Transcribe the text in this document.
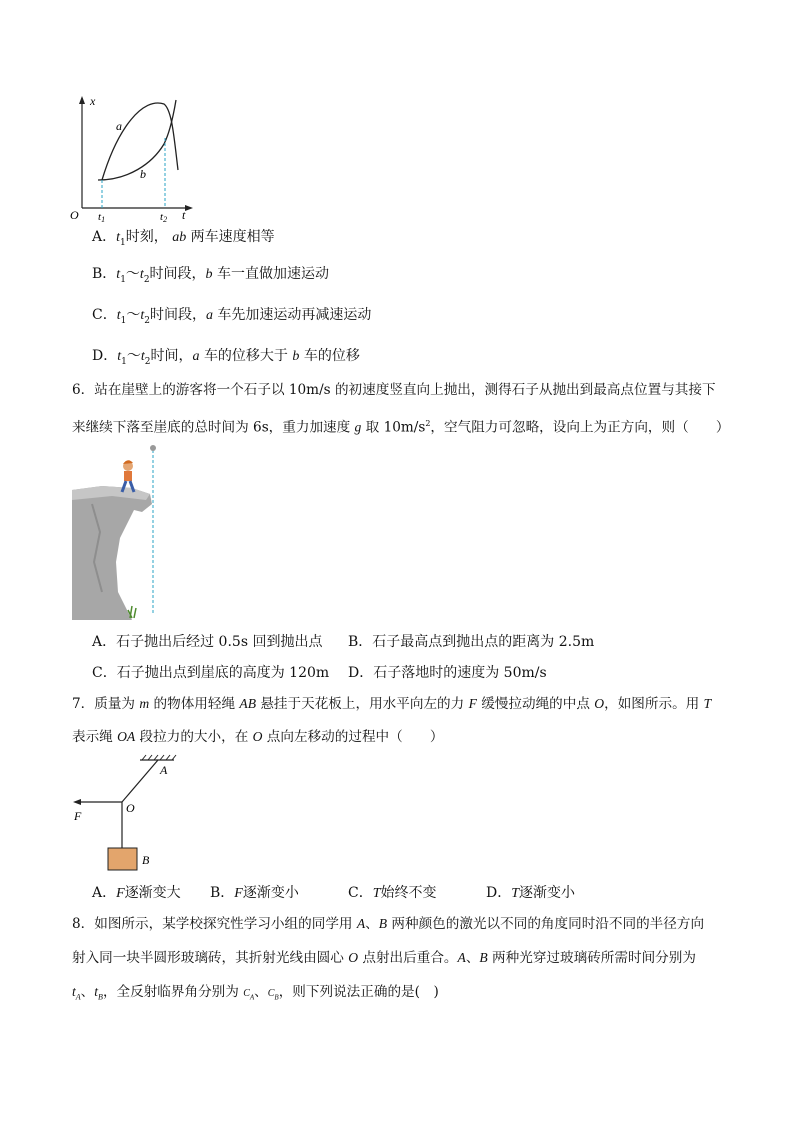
x
t
O
a
b
t1	t2
A．$t_1$时刻， ab 两车速度相等
B．$t_1\sim t_2$时间段，b 车一直做加速运动
C．$t_1\sim t_2$时间段，a 车先加速运动再减速运动
D．$t_1\sim t_2$时间，a 车的位移大于 b 车的位移
6．站在崖壁上的游客将一个石子以 10m/s 的初速度竖直向上抛出，测得石子从抛出到最高点位置与其接下
来继续下落至崖底的总时间为 6s，重力加速度 g 取 $10m/s^2$，空气阻力可忽略，设向上为正方向，则（　　）
A．石子抛出后经过 0.5s 回到抛出点 B．石子最高点到抛出点的距离为 2.5m
C．石子抛出点到崖底的高度为 120m D．石子落地时的速度为 50m/s
7．质量为 m 的物体用轻绳 AB 悬挂于天花板上，用水平向左的力 F 缓慢拉动绳的中点 O，如图所示。用 T
表示绳 OA 段拉力的大小，在 O 点向左移动的过程中（　　）
A
O
F
B
A．F逐渐变大 B．F逐渐变小	C．T始终不变	D．T逐渐变小
8．如图所示，某学校探究性学习小组的同学用 A、B 两种颜色的激光以不同的角度同时沿不同的半径方向
射入同一块半圆形玻璃砖，其折射光线由圆心 O 点射出后重合。A、B 两种光穿过玻璃砖所需时间分别为
$t_A$、$t_B$，全反射临界角分别为 $C_A$、$C_B$，则下列说法正确的是(　)
